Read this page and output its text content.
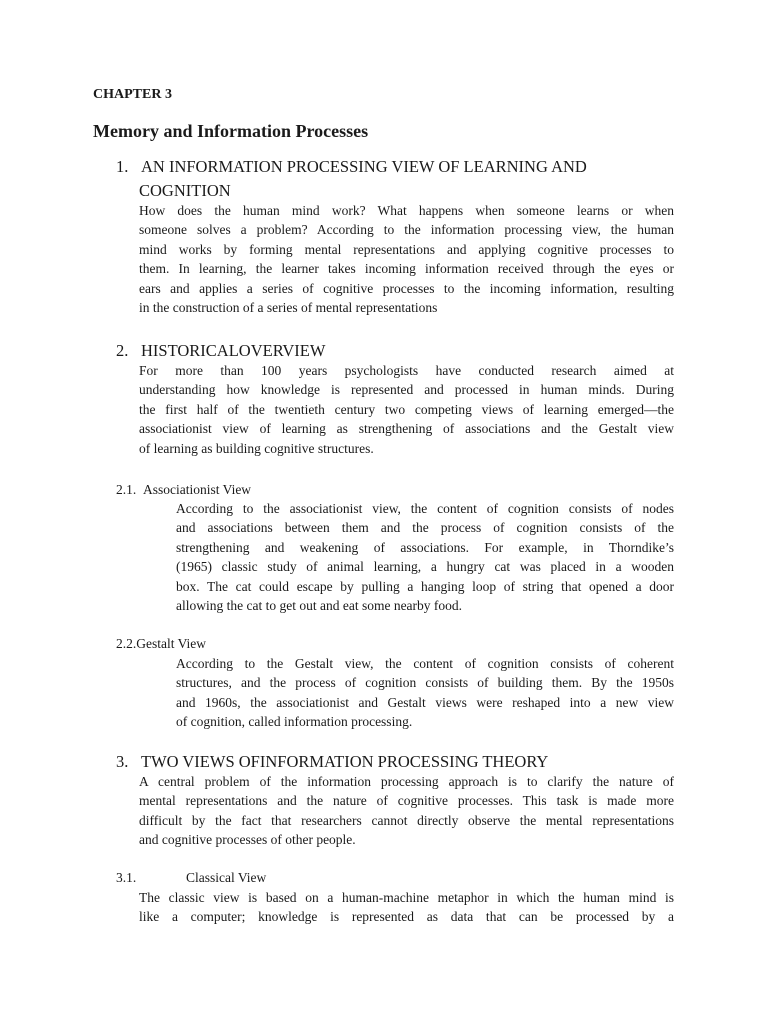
CHAPTER 3
Memory and Information Processes
1. AN INFORMATION PROCESSING VIEW OF LEARNING AND
COGNITION
How does the human mind work? What happens when someone learns or when
someone solves a problem? According to the information processing view, the human
mind works by forming mental representations and applying cognitive processes to
them. In learning, the learner takes incoming information received through the eyes or
ears and applies a series of cognitive processes to the incoming information, resulting
in the construction of a series of mental representations
2. HISTORICALOVERVIEW
For more than 100 years psychologists have conducted research aimed at
understanding how knowledge is represented and processed in human minds. During
the first half of the twentieth century two competing views of learning emerged—the
associationist view of learning as strengthening of associations and the Gestalt view
of learning as building cognitive structures.
2.1. Associationist View
According to the associationist view, the content of cognition consists of nodes
and associations between them and the process of cognition consists of the
strengthening and weakening of associations. For example, in Thorndike’s
(1965) classic study of animal learning, a hungry cat was placed in a wooden
box. The cat could escape by pulling a hanging loop of string that opened a door
allowing the cat to get out and eat some nearby food.
2.2.Gestalt View
According to the Gestalt view, the content of cognition consists of coherent
structures, and the process of cognition consists of building them. By the 1950s
and 1960s, the associationist and Gestalt views were reshaped into a new view
of cognition, called information processing.
3. TWO VIEWS OFINFORMATION PROCESSING THEORY
A central problem of the information processing approach is to clarify the nature of
mental representations and the nature of cognitive processes. This task is made more
difficult by the fact that researchers cannot directly observe the mental representations
and cognitive processes of other people.
3.1.	Classical View
The classic view is based on a human-machine metaphor in which the human mind is
like a computer; knowledge is represented as data that can be processed by a
